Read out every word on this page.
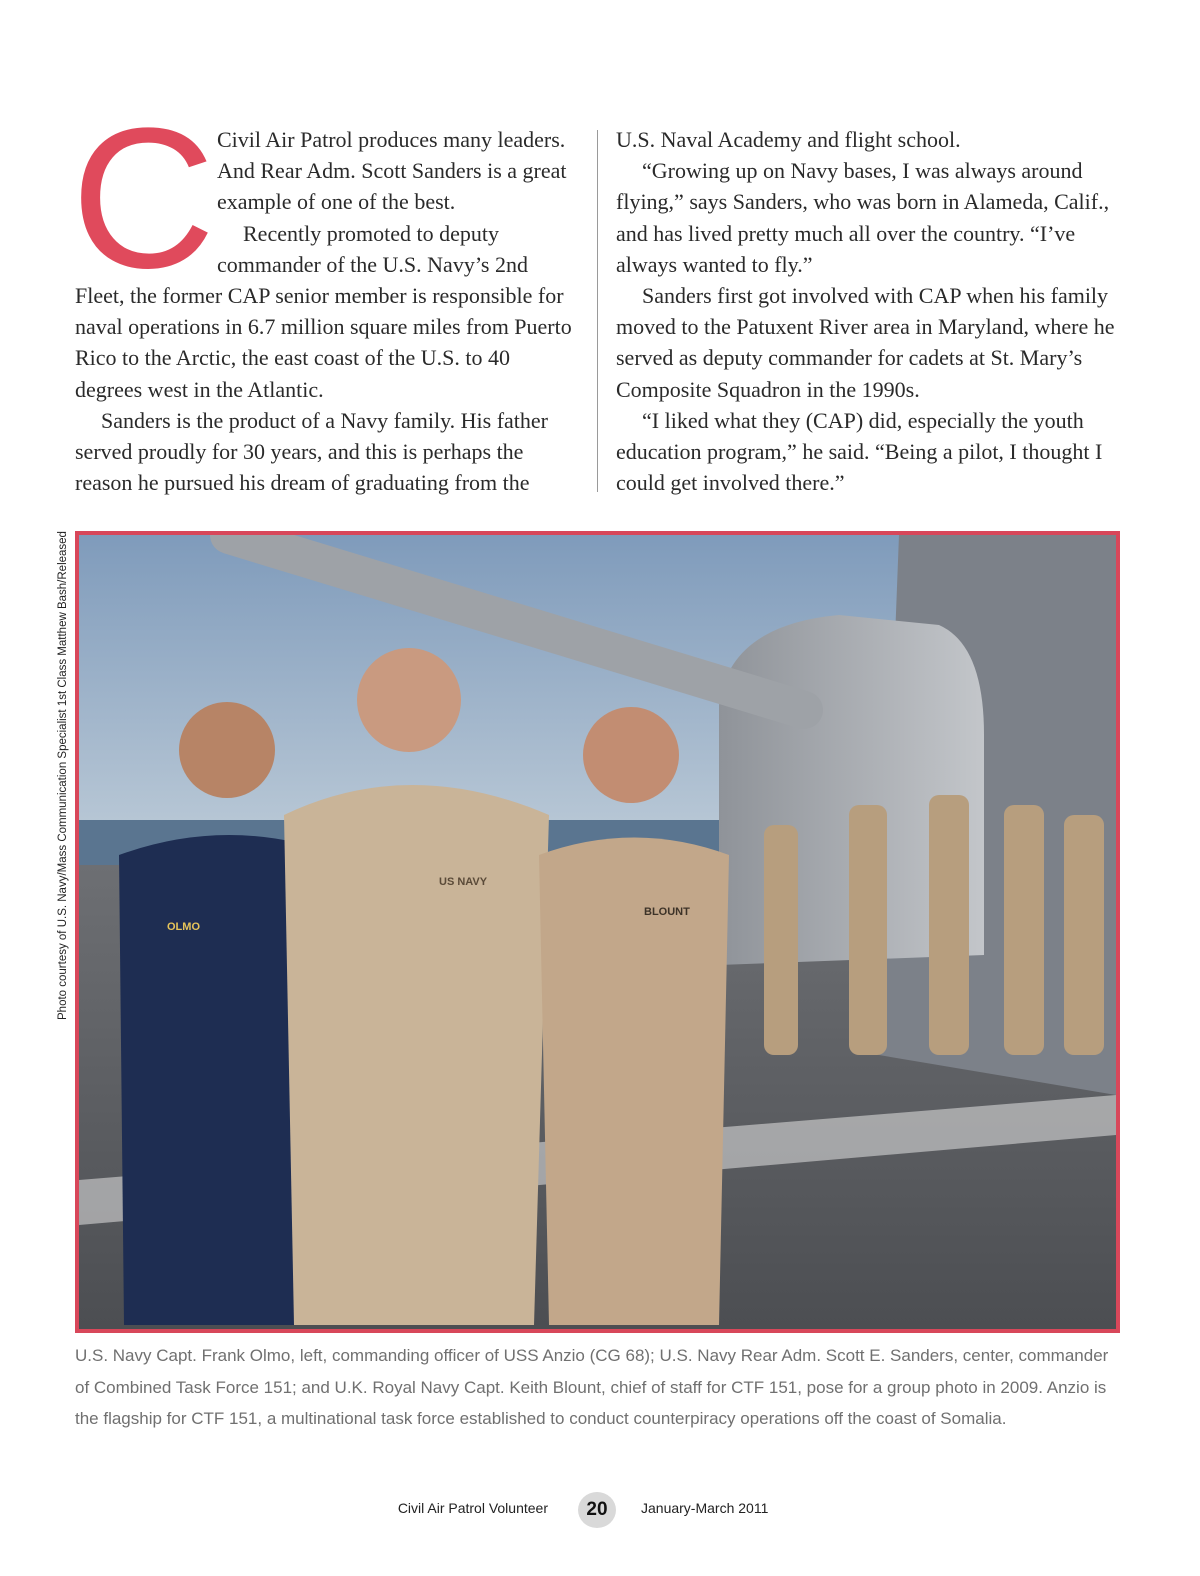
C Civil Air Patrol produces many leaders. And Rear Adm. Scott Sanders is a great example of one of the best.

Recently promoted to deputy commander of the U.S. Navy’s 2nd Fleet, the former CAP senior member is responsible for naval operations in 6.7 million square miles from Puerto Rico to the Arctic, the east coast of the U.S. to 40 degrees west in the Atlantic.

Sanders is the product of a Navy family. His father served proudly for 30 years, and this is perhaps the reason he pursued his dream of graduating from the

U.S. Naval Academy and flight school.

“Growing up on Navy bases, I was always around flying,” says Sanders, who was born in Alameda, Calif., and has lived pretty much all over the country. “I’ve always wanted to fly.”

Sanders first got involved with CAP when his family moved to the Patuxent River area in Maryland, where he served as deputy commander for cadets at St. Mary’s Composite Squadron in the 1990s.

“I liked what they (CAP) did, especially the youth education program,” he said. “Being a pilot, I thought I could get involved there.”

Photo courtesy of U.S. Navy/Mass Communication Specialist 1st Class Matthew Bash/Released	OLMO
US NAVY
BLOUNT
U.S. Navy Capt. Frank Olmo, left, commanding officer of USS Anzio (CG 68); U.S. Navy Rear Adm. Scott E. Sanders, center, commander of Combined Task Force 151; and U.K. Royal Navy Capt. Keith Blount, chief of staff for CTF 151, pose for a group photo in 2009. Anzio is the flagship for CTF 151, a multinational task force established to conduct counterpiracy operations off the coast of Somalia.
Civil Air Patrol Volunteer	20	January-March 2011
